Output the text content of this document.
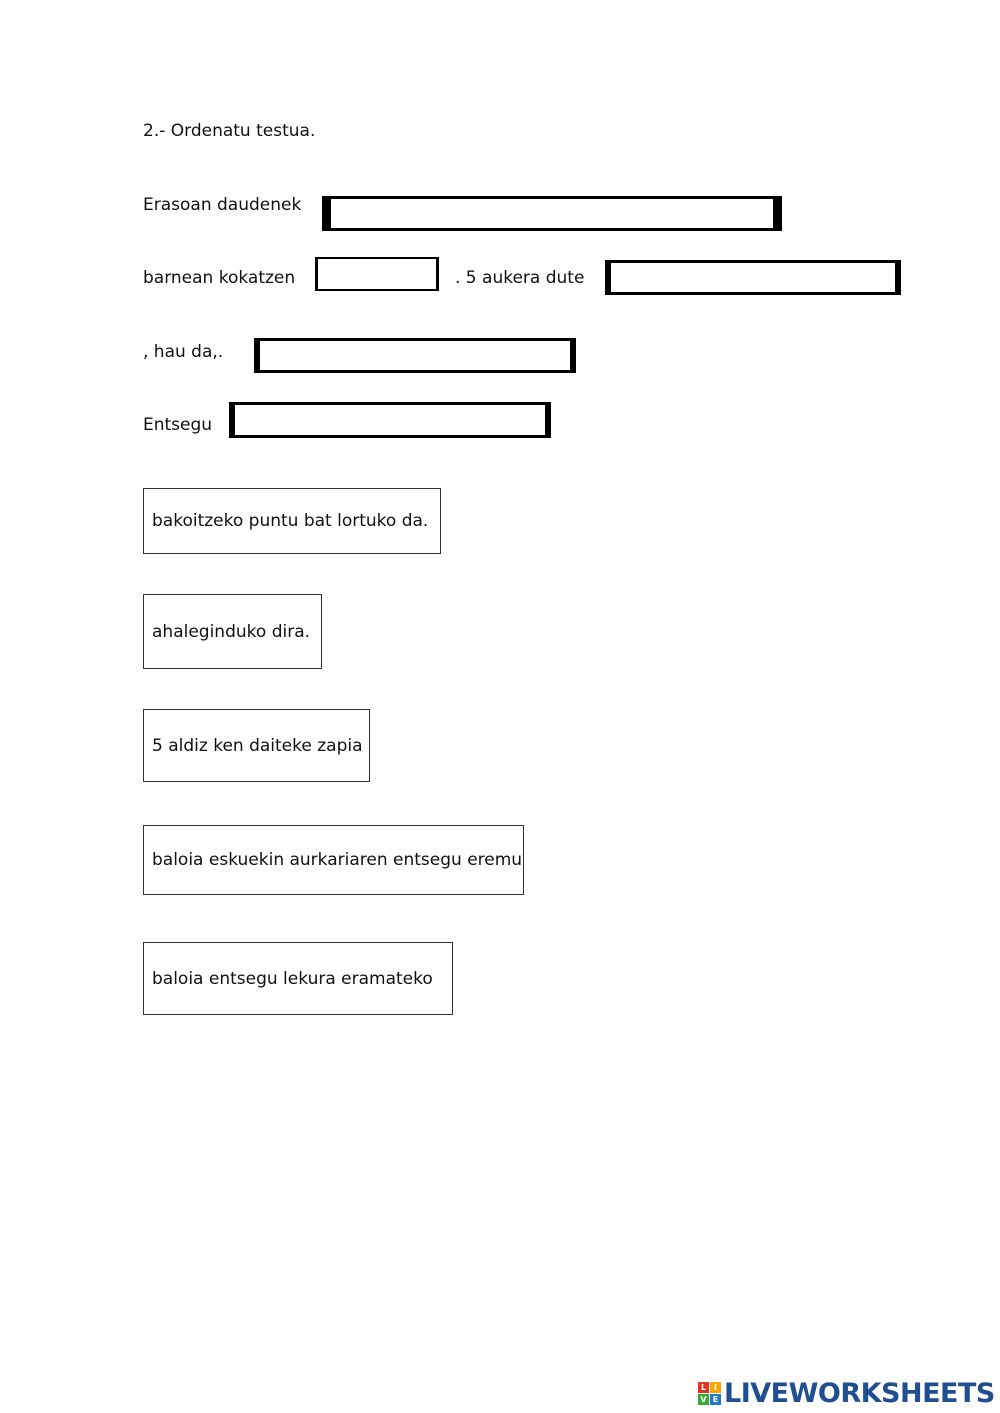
2.- Ordenatu testua.
Erasoan daudenek
barnean kokatzen	. 5 aukera dute
, hau da,.
Entsegu
bakoitzeko puntu bat lortuko da.
ahaleginduko dira.
5 aldiz ken daiteke zapia
baloia eskuekin aurkariaren entsegu eremu
baloia entsegu lekura eramateko
L I
V E LIVEWORKSHEETS
